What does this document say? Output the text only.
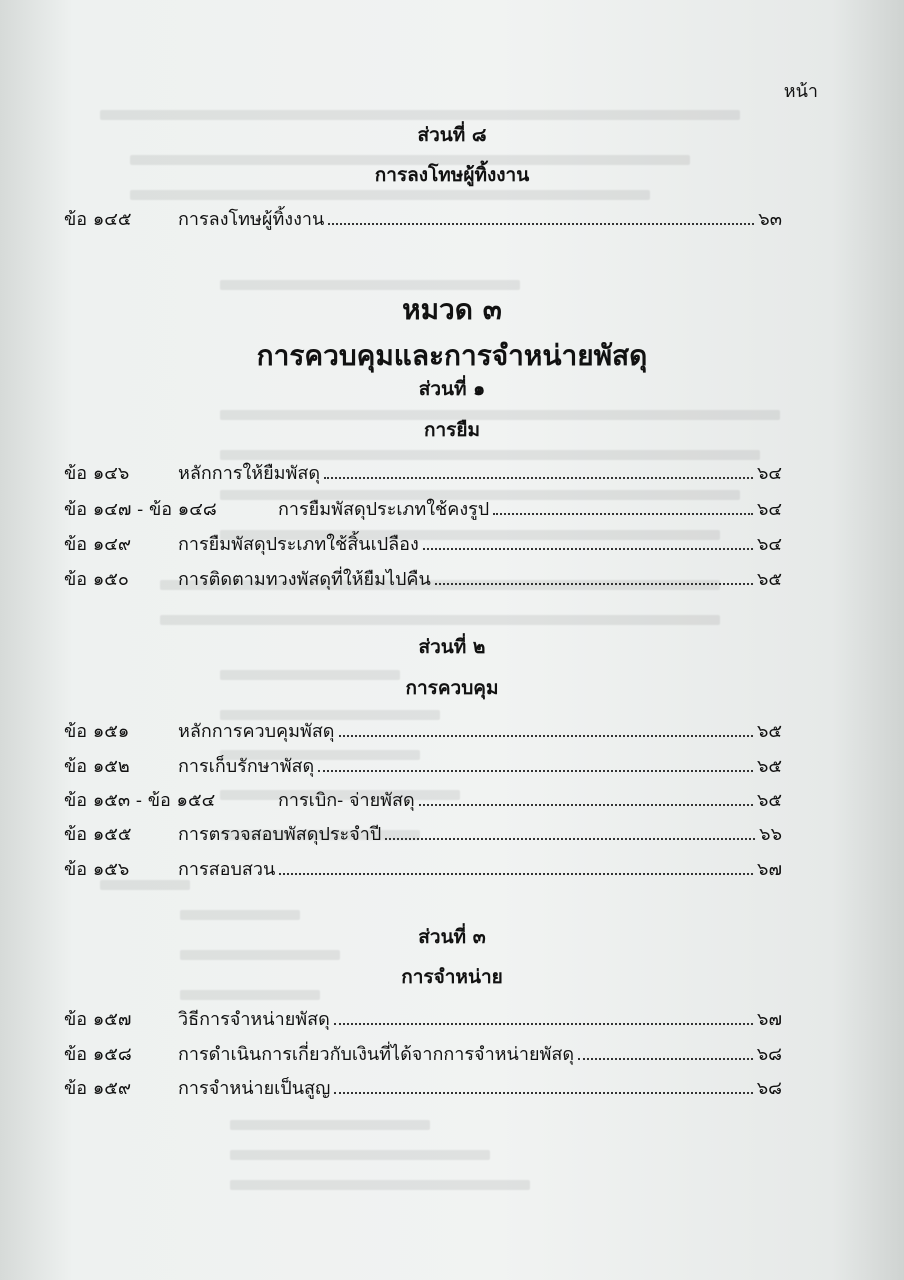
หน้า
ส่วนที่ ๘
การลงโทษผู้ทิ้งงาน
ข้อ ๑๔๕	การลงโทษผู้ทิ้งงาน	๖๓
หมวด ๓
การควบคุมและการจำหน่ายพัสดุ
ส่วนที่ ๑
การยืม
ข้อ ๑๔๖	หลักการให้ยืมพัสดุ	๖๔
ข้อ ๑๔๗ - ข้อ ๑๔๘	การยืมพัสดุประเภทใช้คงรูป	๖๔
ข้อ ๑๔๙	การยืมพัสดุประเภทใช้สิ้นเปลือง	๖๔
ข้อ ๑๕๐	การติดตามทวงพัสดุที่ให้ยืมไปคืน	๖๕
ส่วนที่ ๒
การควบคุม
ข้อ ๑๕๑	หลักการควบคุมพัสดุ	๖๕
ข้อ ๑๕๒	การเก็บรักษาพัสดุ	๖๕
ข้อ ๑๕๓ - ข้อ ๑๕๔	การเบิก- จ่ายพัสดุ	๖๕
ข้อ ๑๕๕	การตรวจสอบพัสดุประจำปี	๖๖
ข้อ ๑๕๖	การสอบสวน	๖๗
ส่วนที่ ๓
การจำหน่าย
ข้อ ๑๕๗	วิธีการจำหน่ายพัสดุ	๖๗
ข้อ ๑๕๘	การดำเนินการเกี่ยวกับเงินที่ได้จากการจำหน่ายพัสดุ	๖๘
ข้อ ๑๕๙	การจำหน่ายเป็นสูญ	๖๘
